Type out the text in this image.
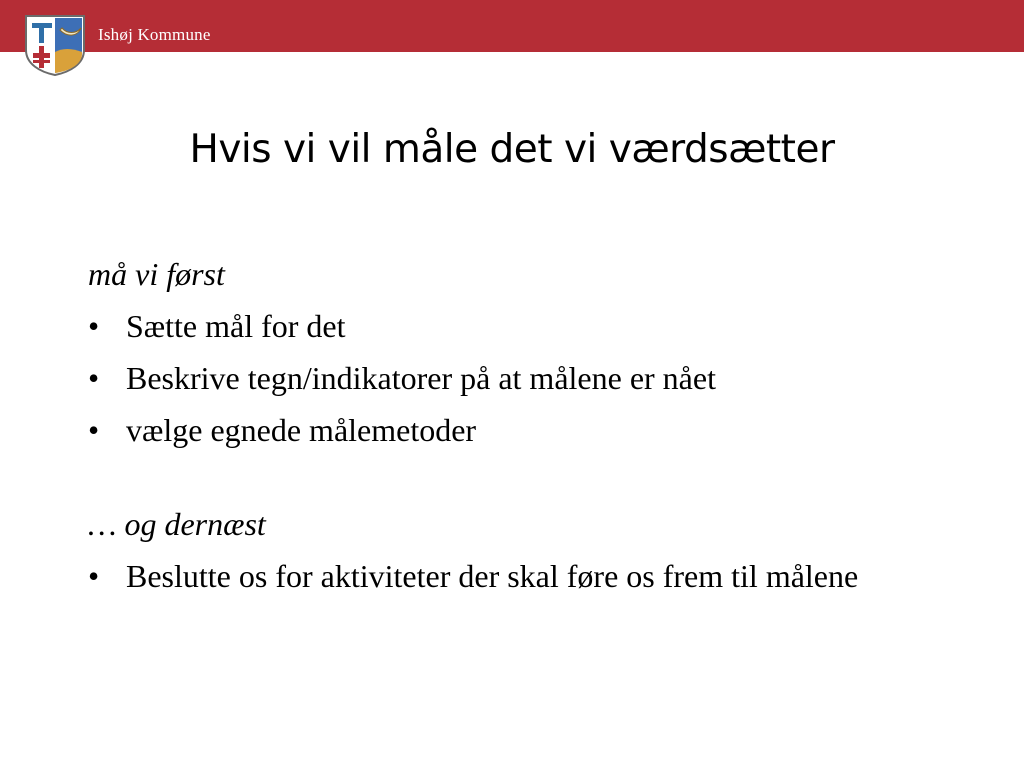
Ishøj Kommune
Hvis vi vil måle det vi værdsætter

må vi først

• Sætte mål for det
• Beskrive tegn/indikatorer på at målene er nået
• vælge egnede målemetoder

… og dernæst

• Beslutte os for aktiviteter der skal føre os frem til målene
